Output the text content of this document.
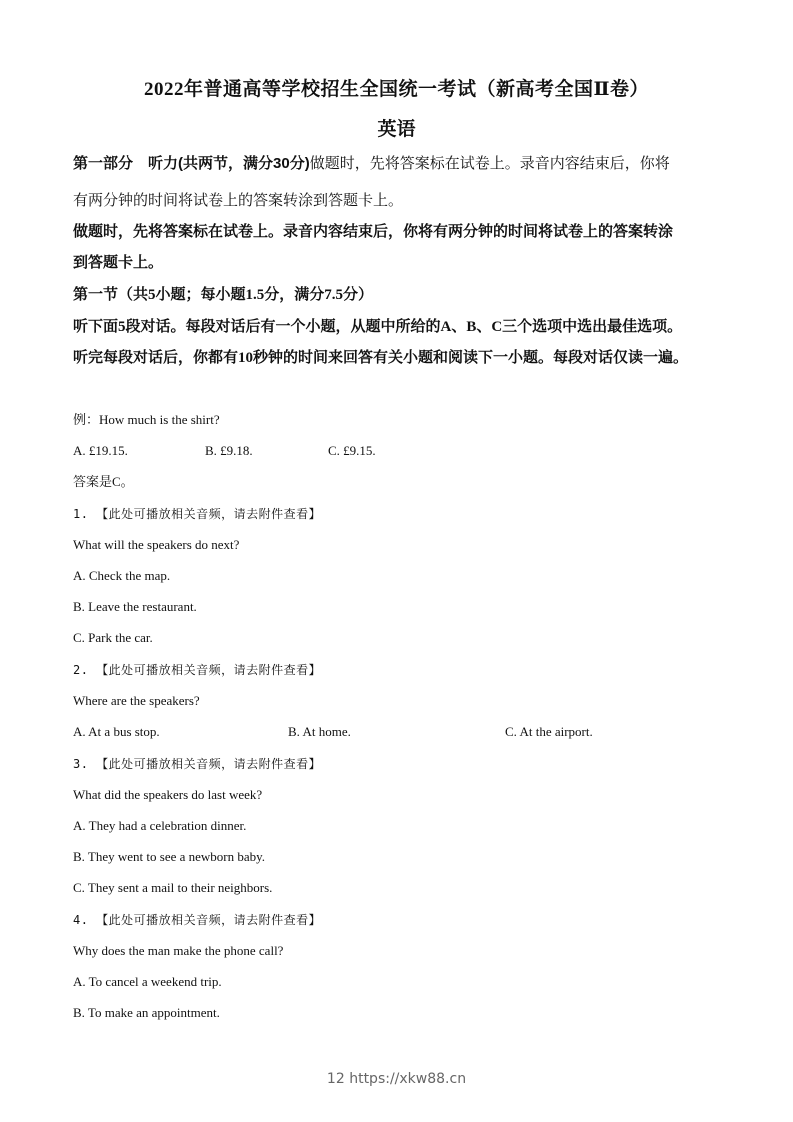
2022年普通高等学校招生全国统一考试（新高考全国Ⅱ卷）
英语
第一部分　听力(共两节，满分30分)做题时，先将答案标在试卷上。录音内容结束后，你将
有两分钟的时间将试卷上的答案转涂到答题卡上。
做题时，先将答案标在试卷上。录音内容结束后，你将有两分钟的时间将试卷上的答案转涂
到答题卡上。
第一节（共5小题；每小题1.5分，满分7.5分）
听下面5段对话。每段对话后有一个小题，从题中所给的A、B、C三个选项中选出最佳选项。
听完每段对话后，你都有10秒钟的时间来回答有关小题和阅读下一小题。每段对话仅读一遍。
例：How much is the shirt?
A. £19.15.	B. £9.18.	C. £9.15.
答案是C。
1. 【此处可播放相关音频，请去附件查看】
What will the speakers do next?
A. Check the map.
B. Leave the restaurant.
C. Park the car.
2. 【此处可播放相关音频，请去附件查看】
Where are the speakers?
A. At a bus stop.	B. At home.	C. At the airport.
3. 【此处可播放相关音频，请去附件查看】
What did the speakers do last week?
A. They had a celebration dinner.
B. They went to see a newborn baby.
C. They sent a mail to their neighbors.
4. 【此处可播放相关音频，请去附件查看】
Why does the man make the phone call?
A. To cancel a weekend trip.
B. To make an appointment.
12 https://xkw88.cn
